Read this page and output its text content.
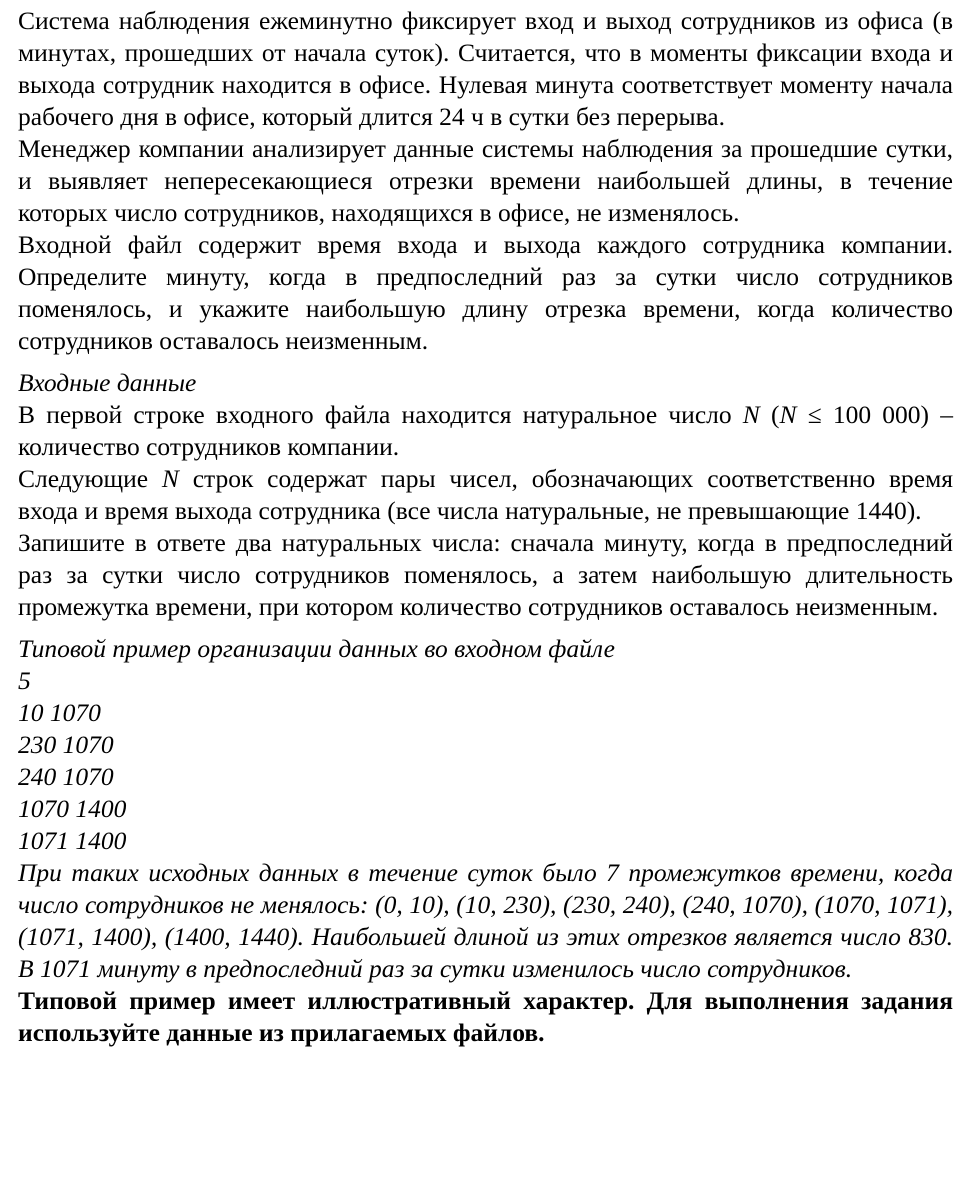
Система наблюдения ежеминутно фиксирует вход и выход сотрудников из офиса (в минутах, прошедших от начала суток). Считается, что в моменты фиксации входа и выхода сотрудник находится в офисе. Нулевая минута соответствует моменту начала рабочего дня в офисе, который длится 24 ч в сутки без перерыва.

Менеджер компании анализирует данные системы наблюдения за прошедшие сутки, и выявляет непересекающиеся отрезки времени наибольшей длины, в течение которых число сотрудников, находящихся в офисе, не изменялось.

Входной файл содержит время входа и выхода каждого сотрудника компании. Определите минуту, когда в предпоследний раз за сутки число сотрудников поменялось, и укажите наибольшую длину отрезка времени, когда количество сотрудников оставалось неизменным.

Входные данные

В первой строке входного файла находится натуральное число N (N ≤ 100 000) – количество сотрудников компании.

Следующие N строк содержат пары чисел, обозначающих соответственно время входа и время выхода сотрудника (все числа натуральные, не превышающие 1440).

Запишите в ответе два натуральных числа: сначала минуту, когда в предпоследний раз за сутки число сотрудников поменялось, а затем наибольшую длительность промежутка времени, при котором количество сотрудников оставалось неизменным.

Типовой пример организации данных во входном файле

5

10 1070

230 1070

240 1070

1070 1400

1071 1400

При таких исходных данных в течение суток было 7 промежутков времени, когда число сотрудников не менялось: (0, 10), (10, 230), (230, 240), (240, 1070), (1070, 1071), (1071, 1400), (1400, 1440). Наибольшей длиной из этих отрезков является число 830. В 1071 минуту в предпоследний раз за сутки изменилось число сотрудников.

Типовой пример имеет иллюстративный характер. Для выполнения задания используйте данные из прилагаемых файлов.
